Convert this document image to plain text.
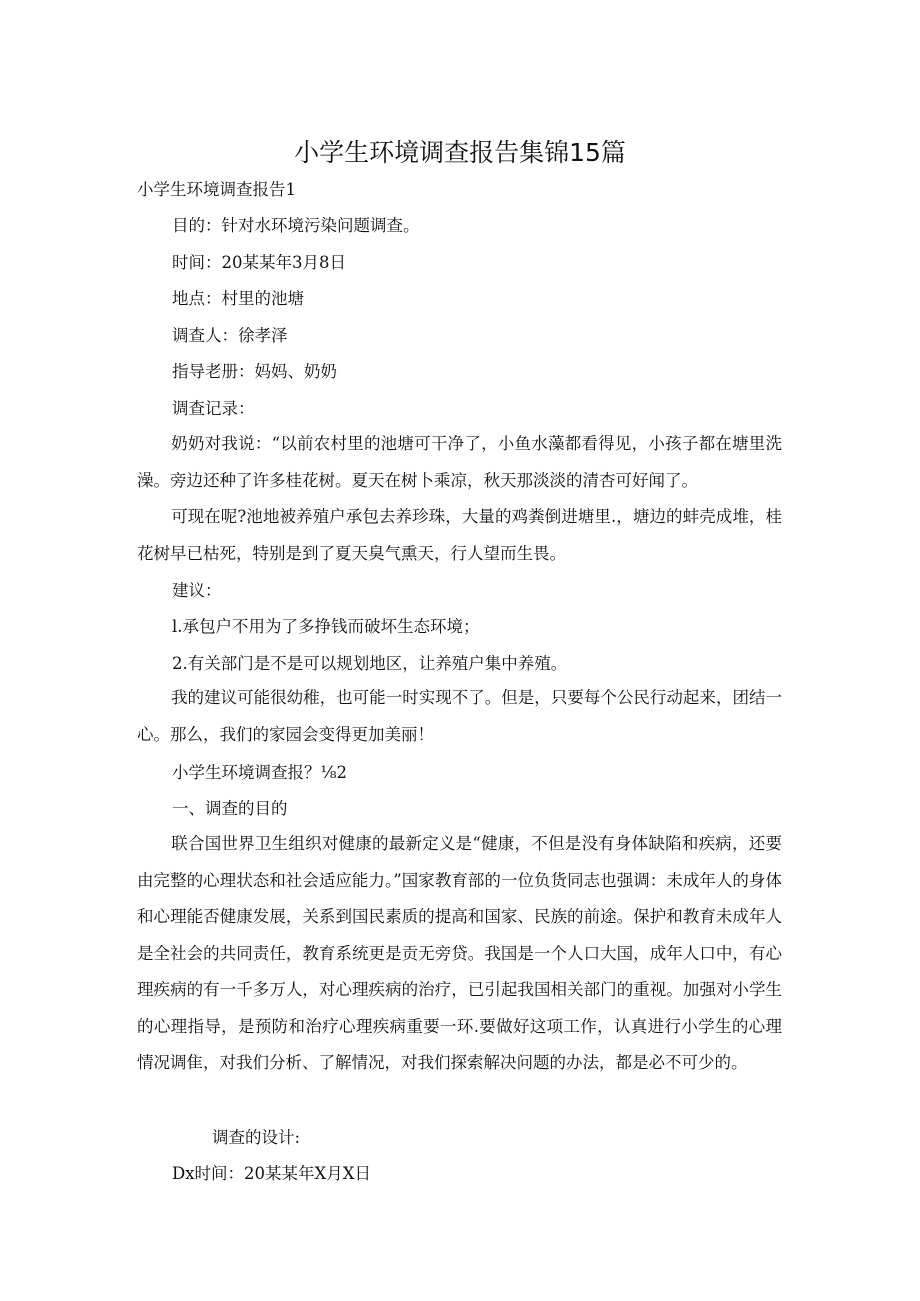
小学生环境调查报告集锦15篇
小学生环境调查报告1
目的：针对水环境污染问题调查。
时间：20某某年3月8日
地点：村里的池塘
调查人：徐孝泽
指导老册：妈妈、奶奶
调查记录：
奶奶对我说：“以前农村里的池塘可干净了，小鱼水藻都看得见，小孩子都在塘里洗澡。旁边还种了许多桂花树。夏天在树卜乘凉，秋天那淡淡的清杏可好闻了。
可现在呢?池地被养殖户承包去养珍珠，大量的鸡粪倒进塘里.，塘边的蚌壳成堆，桂花树早已枯死，特别是到了夏天臭气熏天，行人望而生畏。
建议：
l.承包户不用为了多挣钱而破坏生态环境；
2.有关部门是不是可以规划地区，让养殖户集中养殖。
我的建议可能很幼稚，也可能一时实现不了。但是，只要每个公民行动起来，团结一心。那么，我们的家园会变得更加美丽！
小学生环境调查报？⅛2
一、调查的目的
联合国世界卫生组织对健康的最新定义是“健康，不但是没有身体缺陷和疾病，还要由完整的心理状态和社会适应能力。”国家教育部的一位负货同志也强调：未成年人的身体和心理能否健康发展，关系到国民素质的提高和国家、民族的前途。保护和教育未成年人是全社会的共同责任，教育系统更是贡无旁贷。我国是一个人口大国，成年人口中，有心理疾病的有一千多万人，对心理疾病的治疗，已引起我国相关部门的重视。加强对小学生的心理指导，是预防和治疗心理疾病重要一环.要做好这项工作，认真进行小学生的心理情况调隹，对我们分析、了解情况，对我们探索解决问题的办法，都是必不可少的。
调查的设计:
Dx时间：20某某年X月X日
